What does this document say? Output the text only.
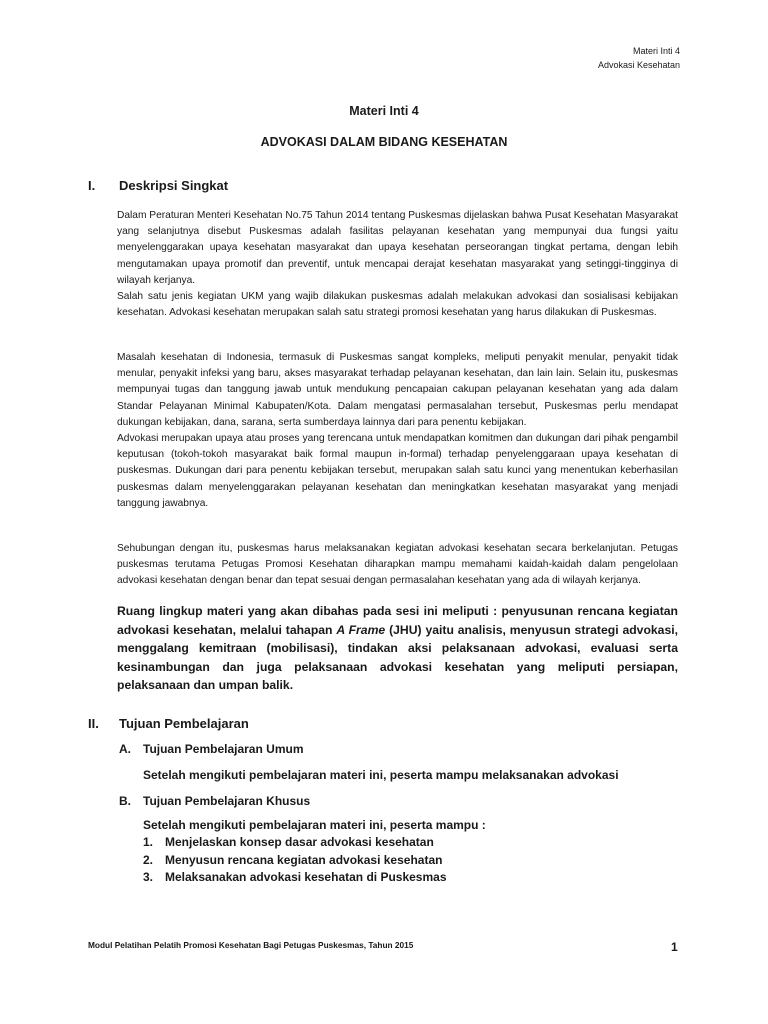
Materi Inti 4
Advokasi Kesehatan
Materi Inti 4
ADVOKASI DALAM BIDANG KESEHATAN
I. Deskripsi Singkat

Dalam Peraturan Menteri Kesehatan No.75 Tahun 2014 tentang Puskesmas dijelaskan bahwa Pusat Kesehatan Masyarakat yang selanjutnya disebut Puskesmas adalah fasilitas pelayanan kesehatan yang mempunyai dua fungsi yaitu menyelenggarakan upaya kesehatan masyarakat dan upaya kesehatan perseorangan tingkat pertama, dengan lebih mengutamakan upaya promotif dan preventif, untuk mencapai derajat kesehatan masyarakat yang setinggi-tingginya di wilayah kerjanya.
Salah satu jenis kegiatan UKM yang wajib dilakukan puskesmas adalah melakukan advokasi dan sosialisasi kebijakan kesehatan. Advokasi kesehatan merupakan salah satu strategi promosi kesehatan yang harus dilakukan di Puskesmas.

Masalah kesehatan di Indonesia, termasuk di Puskesmas sangat kompleks, meliputi penyakit menular, penyakit tidak menular, penyakit infeksi yang baru, akses masyarakat terhadap pelayanan kesehatan, dan lain lain. Selain itu, puskesmas mempunyai tugas dan tanggung jawab untuk mendukung pencapaian cakupan pelayanan kesehatan yang ada dalam Standar Pelayanan Minimal Kabupaten/Kota. Dalam mengatasi permasalahan tersebut, Puskesmas perlu mendapat dukungan kebijakan, dana, sarana, serta sumberdaya lainnya dari para penentu kebijakan.
Advokasi merupakan upaya atau proses yang terencana untuk mendapatkan komitmen dan dukungan dari pihak pengambil keputusan (tokoh-tokoh masyarakat baik formal maupun in-formal) terhadap penyelenggaraan upaya kesehatan di puskesmas. Dukungan dari para penentu kebijakan tersebut, merupakan salah satu kunci yang menentukan keberhasilan puskesmas dalam menyelenggarakan pelayanan kesehatan dan meningkatkan kesehatan masyarakat yang menjadi tanggung jawabnya.

Sehubungan dengan itu, puskesmas harus melaksanakan kegiatan advokasi kesehatan secara berkelanjutan. Petugas puskesmas terutama Petugas Promosi Kesehatan diharapkan mampu memahami kaidah-kaidah dalam pengelolaan advokasi kesehatan dengan benar dan tepat sesuai dengan permasalahan kesehatan yang ada di wilayah kerjanya.

Ruang lingkup materi yang akan dibahas pada sesi ini meliputi : penyusunan rencana kegiatan advokasi kesehatan, melalui tahapan A Frame (JHU) yaitu analisis, menyusun strategi advokasi, menggalang kemitraan (mobilisasi), tindakan aksi pelaksanaan advokasi, evaluasi serta kesinambungan dan juga pelaksanaan advokasi kesehatan yang meliputi persiapan, pelaksanaan dan umpan balik.

II. Tujuan Pembelajaran
A. Tujuan Pembelajaran Umum
Setelah mengikuti pembelajaran materi ini, peserta mampu melaksanakan advokasi
B. Tujuan Pembelajaran Khusus
Setelah mengikuti pembelajaran materi ini, peserta mampu :
1. Menjelaskan konsep dasar advokasi kesehatan
2. Menyusun rencana kegiatan advokasi kesehatan
3. Melaksanakan advokasi kesehatan di Puskesmas
Modul Pelatihan Pelatih Promosi Kesehatan Bagi Petugas Puskesmas, Tahun 2015	1
